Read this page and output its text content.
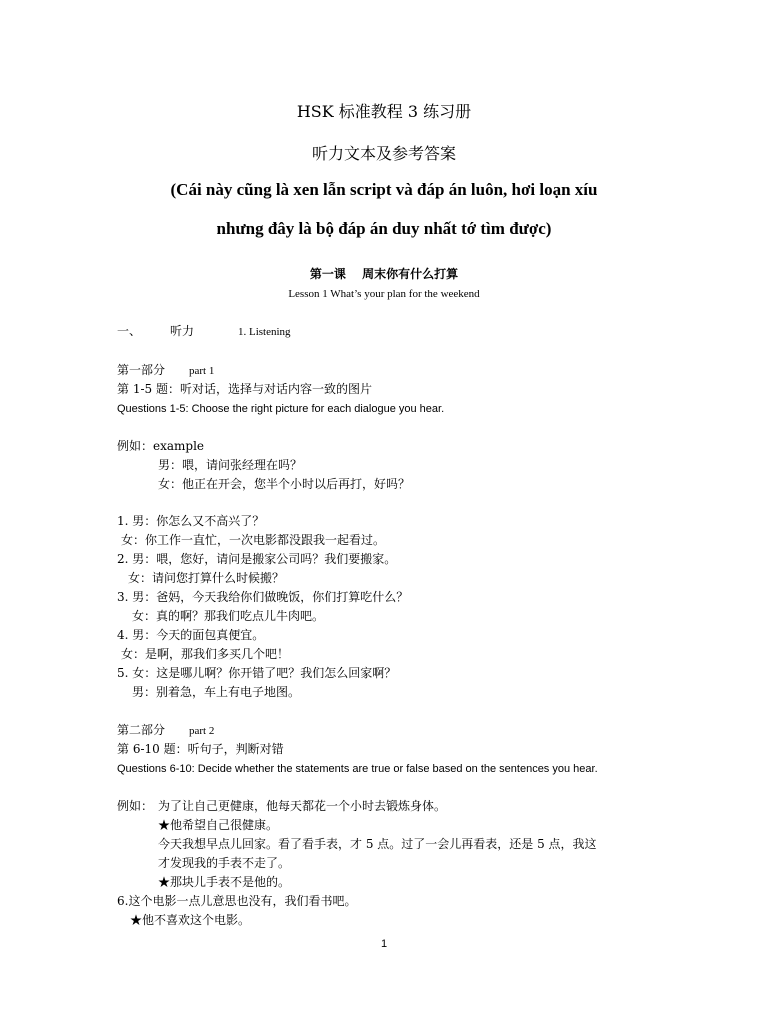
HSK 标准教程 3 练习册
听力文本及参考答案
(Cái này cũng là xen lẫn script và đáp án luôn, hơi loạn xíu
nhưng đây là bộ đáp án duy nhất tớ tìm được)
第一课　 周末你有什么打算
Lesson 1 What’s your plan for the weekend
一、 听力	1. Listening
第一部分 part 1
第 1-5 题：听对话，选择与对话内容一致的图片
Questions 1-5: Choose the right picture for each dialogue you hear.
例如：example
男：喂，请问张经理在吗？
女：他正在开会，您半个小时以后再打，好吗？
1. 男：你怎么又不高兴了？
女：你工作一直忙，一次电影都没跟我一起看过。
2. 男：喂，您好，请问是搬家公司吗？我们要搬家。
女：请问您打算什么时候搬？
3. 男：爸妈，今天我给你们做晚饭，你们打算吃什么？
女：真的啊？那我们吃点儿牛肉吧。
4. 男：今天的面包真便宜。
女：是啊，那我们多买几个吧！
5. 女：这是哪儿啊？你开错了吧？我们怎么回家啊？
男：别着急，车上有电子地图。
第二部分 part 2
第 6-10 题：听句子，判断对错
Questions 6-10: Decide whether the statements are true or false based on the sentences you hear.
例如： 为了让自己更健康，他每天都花一个小时去锻炼身体。
★他希望自己很健康。
今天我想早点儿回家。看了看手表，才 5 点。过了一会儿再看表，还是 5 点，我这
才发现我的手表不走了。
★那块儿手表不是他的。
6.这个电影一点儿意思也没有，我们看书吧。
★他不喜欢这个电影。
1
